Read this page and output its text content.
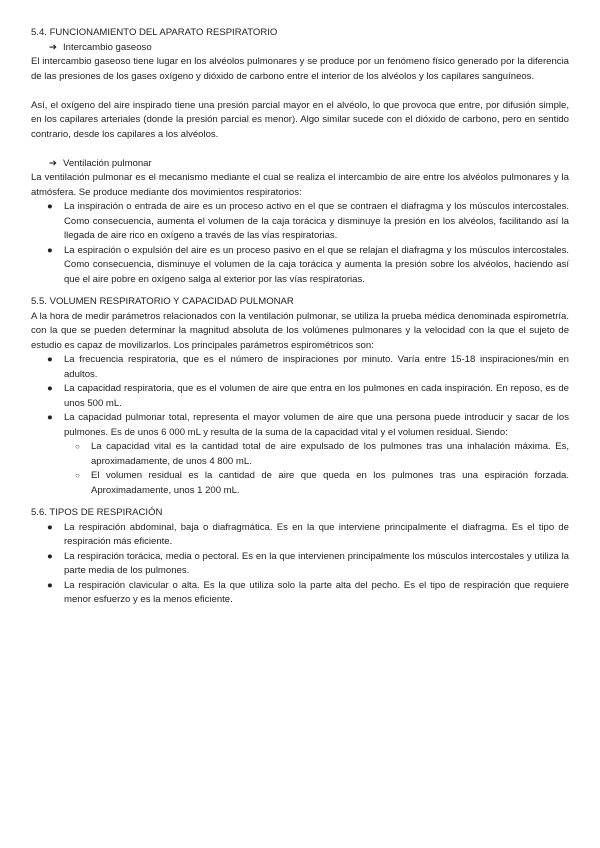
5.4. FUNCIONAMIENTO DEL APARATO RESPIRATORIO
➔ Intercambio gaseoso

El intercambio gaseoso tiene lugar en los alvéolos pulmonares y se produce por un fenómeno físico generado por la diferencia de las presiones de los gases oxígeno y dióxido de carbono entre el interior de los alvéolos y los capilares sanguíneos.

Así, el oxígeno del aire inspirado tiene una presión parcial mayor en el alvéolo, lo que provoca que entre, por difusión simple, en los capilares arteriales (donde la presión parcial es menor). Algo similar sucede con el dióxido de carbono, pero en sentido contrario, desde los capilares a los alvéolos.

➔ Ventilación pulmonar

La ventilación pulmonar es el mecanismo mediante el cual se realiza el intercambio de aire entre los alvéolos pulmonares y la atmósfera. Se produce mediante dos movimientos respiratorios:

● La inspiración o entrada de aire es un proceso activo en el que se contraen el diafragma y los músculos intercostales. Como consecuencia, aumenta el volumen de la caja torácica y disminuye la presión en los alvéolos, facilitando así la llegada de aire rico en oxígeno a través de las vías respiratorias.
● La espiración o expulsión del aire es un proceso pasivo en el que se relajan el diafragma y los músculos intercostales. Como consecuencia, disminuye el volumen de la caja torácica y aumenta la presión sobre los alvéolos, haciendo así que el aire pobre en oxígeno salga al exterior por las vías respiratorias.
5.5. VOLUMEN RESPIRATORIO Y CAPACIDAD PULMONAR

A la hora de medir parámetros relacionados con la ventilación pulmonar, se utiliza la prueba médica denominada espirometría. con la que se pueden determinar la magnitud absoluta de los volúmenes pulmonares y la velocidad con la que el sujeto de estudio es capaz de movilizarlos. Los principales parámetros espirométricos son:

● La frecuencia respiratoria, que es el número de inspiraciones por minuto. Varía entre 15-18 inspiraciones/min en adultos.
● La capacidad respiratoria, que es el volumen de aire que entra en los pulmones en cada inspiración. En reposo, es de unos 500 mL.
● La capacidad pulmonar total, representa el mayor volumen de aire que una persona puede introducir y sacar de los pulmones. Es de unos 6 000 mL y resulta de la suma de la capacidad vital y el volumen residual. Siendo:
○ La capacidad vital es la cantidad total de aire expulsado de los pulmones tras una inhalación máxima. Es, aproximadamente, de unos 4 800 mL.
○ El volumen residual es la cantidad de aire que queda en los pulmones tras una espiración forzada. Aproximadamente, unos 1 200 mL.
5.6. TIPOS DE RESPIRACIÓN
● La respiración abdominal, baja o diafragmática. Es en la que interviene principalmente el diafragma. Es el tipo de respiración más eficiente.
● La respiración torácica, media o pectoral. Es en la que intervienen principalmente los músculos intercostales y utiliza la parte media de los pulmones.
● La respiración clavicular o alta. Es la que utiliza solo la parte alta del pecho. Es el tipo de respiración que requiere menor esfuerzo y es la menos eficiente.
